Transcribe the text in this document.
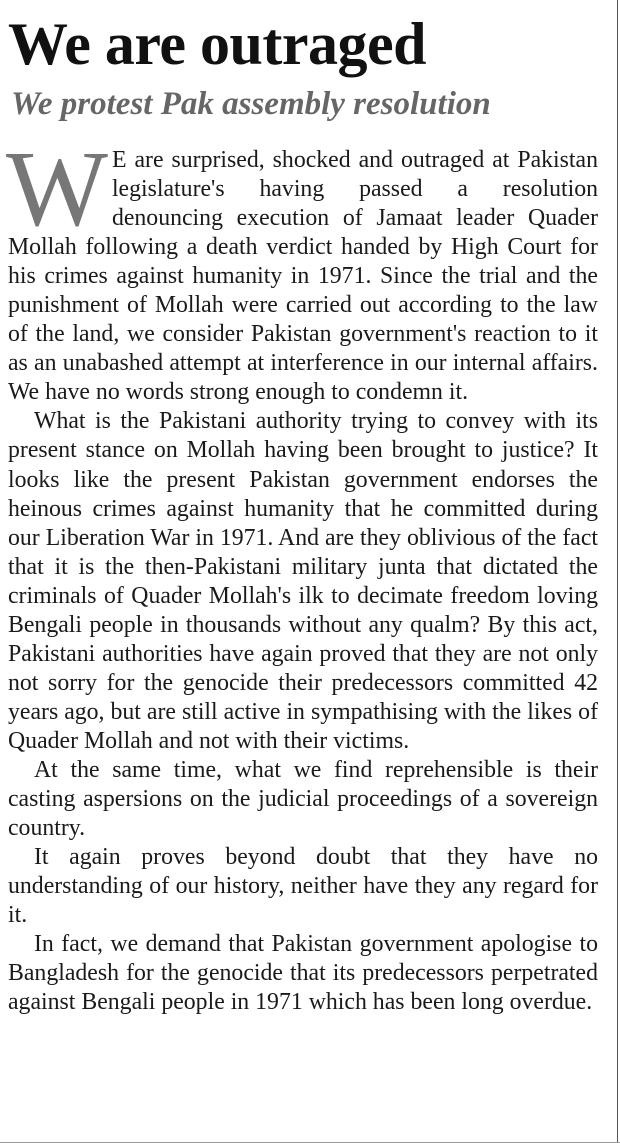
We are outraged
We protest Pak assembly resolution

W E are surprised, shocked and outraged at Pakistan legislature's having passed a resolution denouncing execution of Jamaat leader Quader Mollah following a death verdict handed by High Court for his crimes against humanity in 1971. Since the trial and the punishment of Mollah were carried out according to the law of the land, we consider Pakistan government's reaction to it as an unabashed attempt at interference in our internal affairs. We have no words strong enough to condemn it.

What is the Pakistani authority trying to convey with its present stance on Mollah having been brought to justice? It looks like the present Pakistan government endorses the heinous crimes against humanity that he committed during our Liberation War in 1971. And are they oblivious of the fact that it is the then-Pakistani military junta that dictated the criminals of Quader Mollah's ilk to decimate freedom loving Bengali people in thousands without any qualm? By this act, Pakistani authorities have again proved that they are not only not sorry for the genocide their predecessors committed 42 years ago, but are still active in sympathising with the likes of Quader Mollah and not with their victims.

At the same time, what we find reprehensible is their casting aspersions on the judicial proceedings of a sovereign country.

It again proves beyond doubt that they have no understanding of our history, neither have they any regard for it.

In fact, we demand that Pakistan government apologise to Bangladesh for the genocide that its predecessors perpetrated against Bengali people in 1971 which has been long overdue.
